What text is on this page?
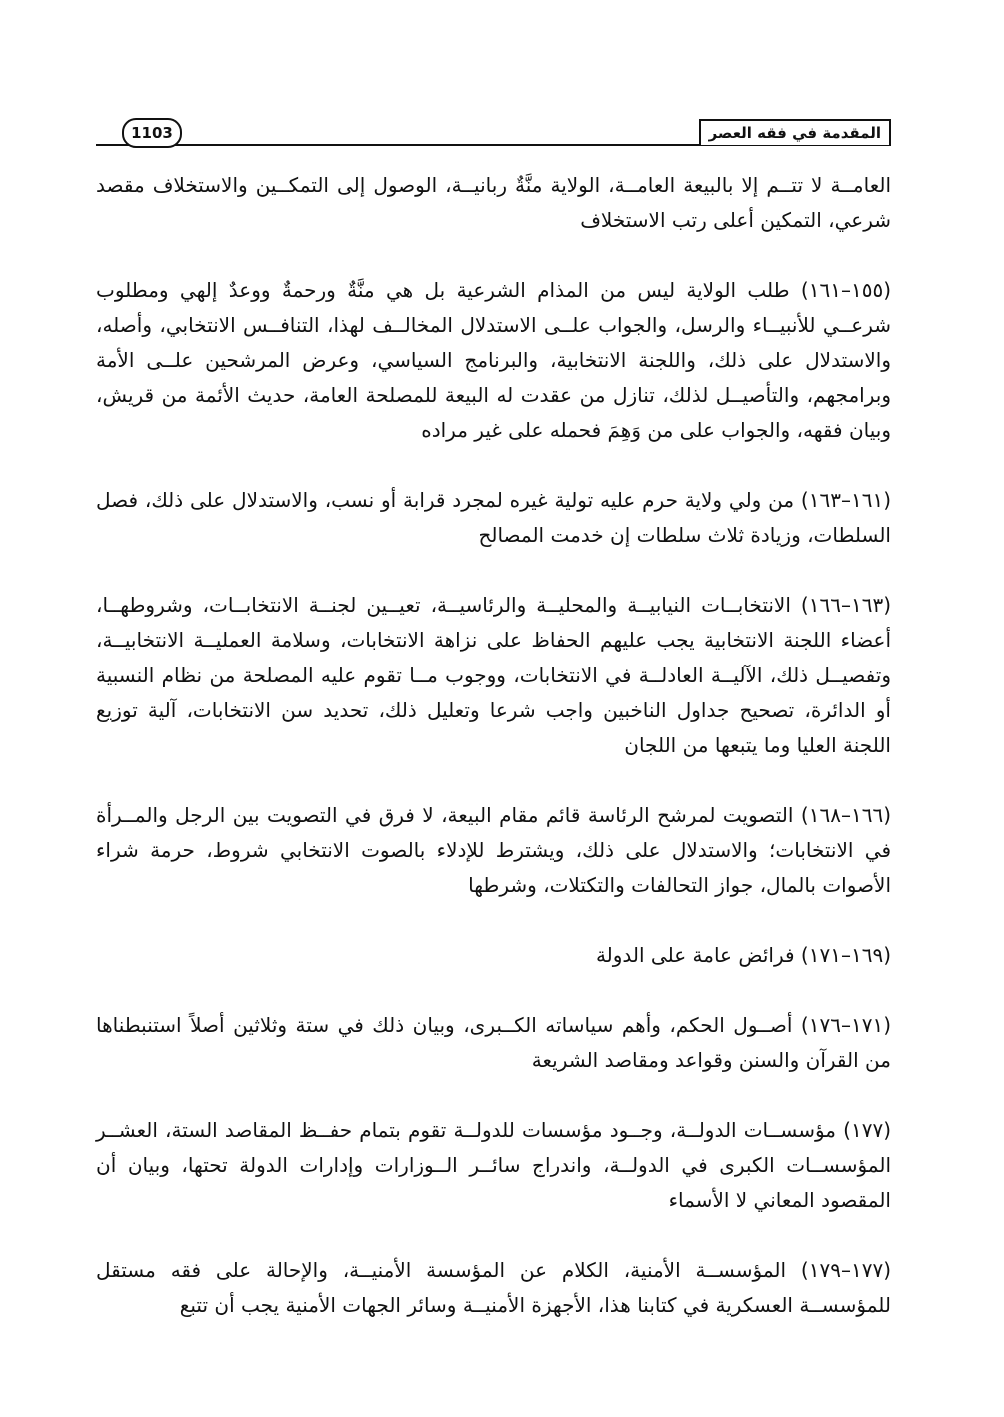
المقدمة في فقه العصر
1103

العامــة لا تتــم إلا بالبيعة العامــة، الولاية منَّةٌ ربانيــة، الوصول إلى التمكــين والاستخلاف مقصد شرعي، التمكين أعلى رتب الاستخلاف

(١٥٥–١٦١) طلب الولاية ليس من المذام الشرعية بل هي منَّةٌ ورحمةٌ ووعدٌ إلهي ومطلوب شرعــي للأنبيــاء والرسل، والجواب علــى الاستدلال المخالــف لهذا، التنافــس الانتخابي، وأصله، والاستدلال على ذلك، واللجنة الانتخابية، والبرنامج السياسي، وعرض المرشحين علــى الأمة وبرامجهم، والتأصيــل لذلك، تنازل من عقدت له البيعة للمصلحة العامة، حديث الأئمة من قريش، وبيان فقهه، والجواب على من وَهِمَ فحمله على غير مراده

(١٦١–١٦٣) من ولي ولاية حرم عليه تولية غيره لمجرد قرابة أو نسب، والاستدلال على ذلك، فصل السلطات، وزيادة ثلاث سلطات إن خدمت المصالح

(١٦٣–١٦٦) الانتخابــات النيابيــة والمحليــة والرئاسيــة، تعيــين لجنــة الانتخابــات، وشروطهــا، أعضاء اللجنة الانتخابية يجب عليهم الحفاظ على نزاهة الانتخابات، وسلامة العمليــة الانتخابيــة، وتفصيــل ذلك، الآليــة العادلــة في الانتخابات، ووجوب مــا تقوم عليه المصلحة من نظام النسبية أو الدائرة، تصحيح جداول الناخبين واجب شرعا وتعليل ذلك، تحديد سن الانتخابات، آلية توزيع اللجنة العليا وما يتبعها من اللجان

(١٦٦–١٦٨) التصويت لمرشح الرئاسة قائم مقام البيعة، لا فرق في التصويت بين الرجل والمــرأة في الانتخابات؛ والاستدلال على ذلك، ويشترط للإدلاء بالصوت الانتخابي شروط، حرمة شراء الأصوات بالمال، جواز التحالفات والتكتلات، وشرطها

(١٦٩–١٧١) فرائض عامة على الدولة

(١٧١–١٧٦) أصــول الحكم، وأهم سياساته الكــبرى، وبيان ذلك في ستة وثلاثين أصلاً استنبطناها من القرآن والسنن وقواعد ومقاصد الشريعة

(١٧٧) مؤسســات الدولــة، وجــود مؤسسات للدولــة تقوم بتمام حفــظ المقاصد الستة، العشــر المؤسســات الكبرى في الدولــة، واندراج سائــر الــوزارات وإدارات الدولة تحتها، وبيان أن المقصود المعاني لا الأسماء

(١٧٧–١٧٩) المؤسســة الأمنية، الكلام عن المؤسسة الأمنيــة، والإحالة على فقه مستقل للمؤسســة العسكرية في كتابنا هذا، الأجهزة الأمنيــة وسائر الجهات الأمنية يجب أن تتبع
